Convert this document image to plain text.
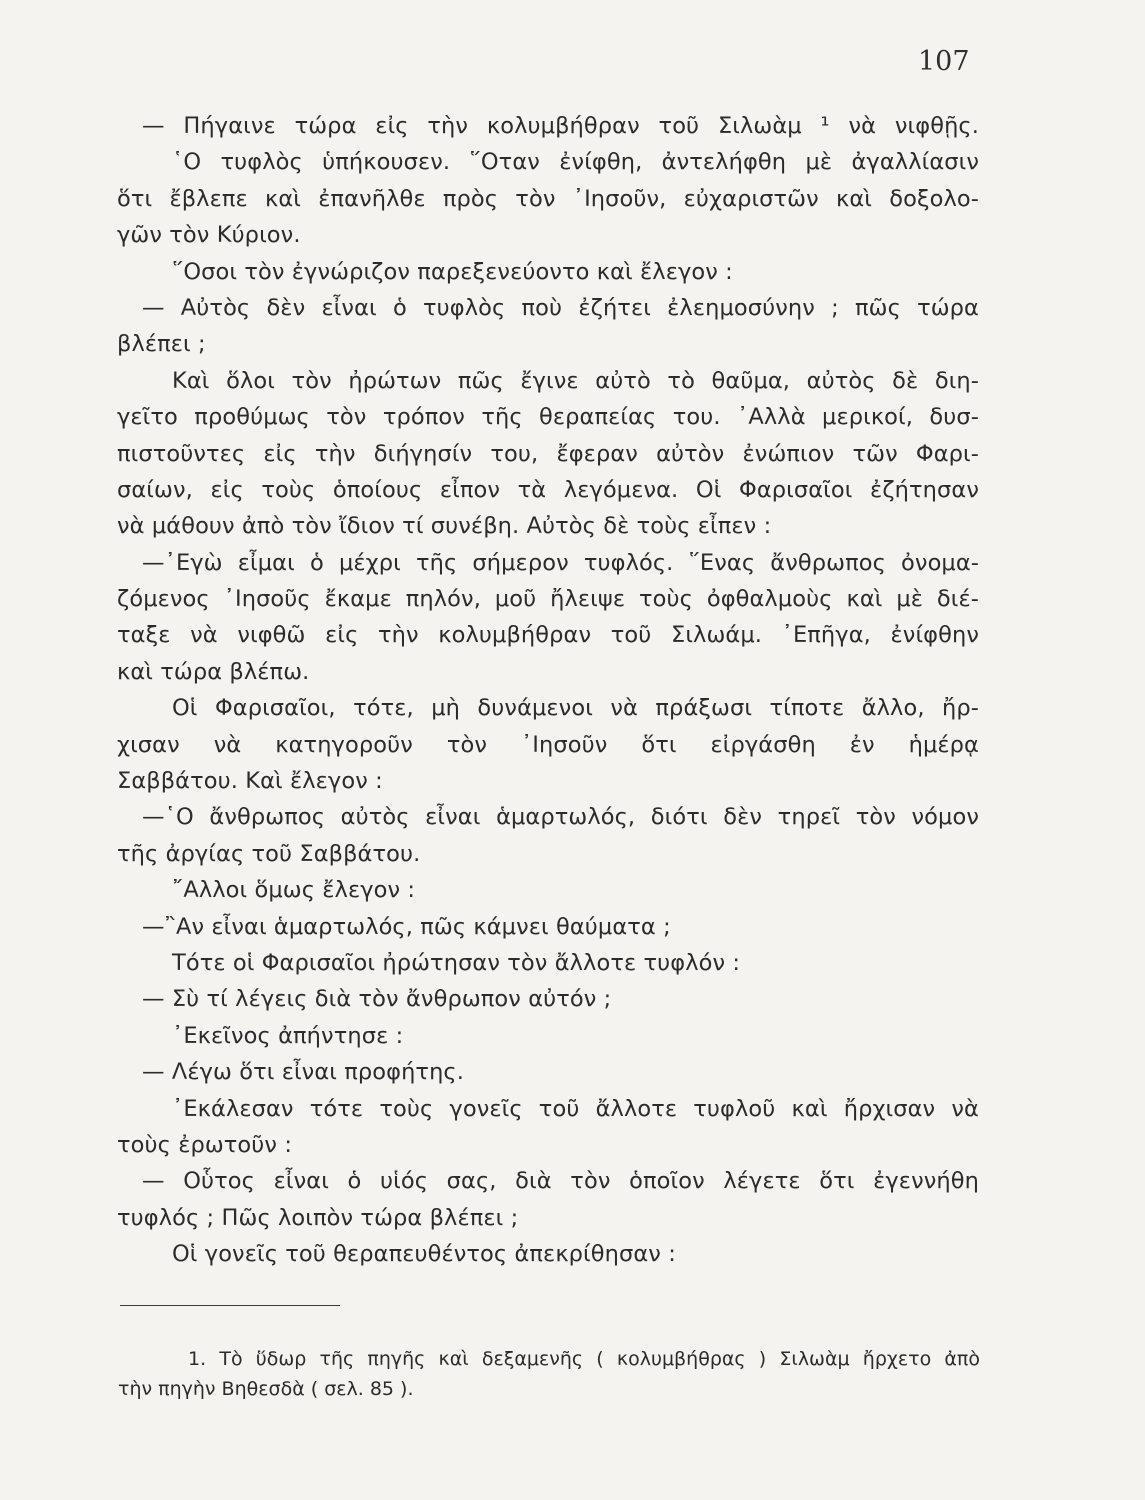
107
— Πήγαινε τώρα εἰς τὴν κολυμβήθραν τοῦ Σιλωὰμ ¹ νὰ νιφθῇς.
῾Ο τυφλὸς ὑπήκουσεν. ῞Οταν ἐνίφθη, ἀντελήφθη μὲ ἀγαλλίασιν
ὅτι ἔβλεπε καὶ ἐπανῆλθε πρὸς τὸν ᾿Ιησοῦν, εὐχαριστῶν καὶ δοξολο-
γῶν τὸν Κύριον.
῞Οσοι τὸν ἐγνώριζον παρεξενεύοντο καὶ ἔλεγον :
— Αὐτὸς δὲν εἶναι ὁ τυφλὸς ποὺ ἐζήτει ἐλεημοσύνην ; πῶς τώρα
βλέπει ;
Καὶ ὅλοι τὸν ἠρώτων πῶς ἔγινε αὐτὸ τὸ θαῦμα, αὐτὸς δὲ διη-
γεῖτο προθύμως τὸν τρόπον τῆς θεραπείας του. ᾿Αλλὰ μερικοί, δυσ-
πιστοῦντες εἰς τὴν διήγησίν του, ἔφεραν αὐτὸν ἐνώπιον τῶν Φαρι-
σαίων, εἰς τοὺς ὁποίους εἶπον τὰ λεγόμενα. Οἱ Φαρισαῖοι ἐζήτησαν
νὰ μάθουν ἀπὸ τὸν ἴδιον τί συνέβη. Αὐτὸς δὲ τοὺς εἶπεν :
—᾿Εγὼ εἶμαι ὁ μέχρι τῆς σήμερον τυφλός. ῞Ενας ἄνθρωπος ὀνομα-
ζόμενος ᾿Ιησοῦς ἔκαμε πηλόν, μοῦ ἤλειψε τοὺς ὀφθαλμοὺς καὶ μὲ διέ-
ταξε νὰ νιφθῶ εἰς τὴν κολυμβήθραν τοῦ Σιλωάμ. ᾿Επῆγα, ἐνίφθην
καὶ τώρα βλέπω.
Οἱ Φαρισαῖοι, τότε, μὴ δυνάμενοι νὰ πράξωσι τίποτε ἄλλο, ἤρ-
χισαν νὰ κατηγοροῦν τὸν ᾿Ιησοῦν ὅτι εἰργάσθη ἐν ἡμέρᾳ
Σαββάτου. Καὶ ἔλεγον :
—῾Ο ἄνθρωπος αὐτὸς εἶναι ἁμαρτωλός, διότι δὲν τηρεῖ τὸν νόμον
τῆς ἀργίας τοῦ Σαββάτου.
῎Αλλοι ὅμως ἔλεγον :
—῍Αν εἶναι ἁμαρτωλός, πῶς κάμνει θαύματα ;
Τότε οἱ Φαρισαῖοι ἠρώτησαν τὸν ἄλλοτε τυφλόν :
— Σὺ τί λέγεις διὰ τὸν ἄνθρωπον αὐτόν ;
᾿Εκεῖνος ἀπήντησε :
— Λέγω ὅτι εἶναι προφήτης.
᾿Εκάλεσαν τότε τοὺς γονεῖς τοῦ ἄλλοτε τυφλοῦ καὶ ἤρχισαν νὰ
τοὺς ἐρωτοῦν :
— Οὗτος εἶναι ὁ υἱός σας, διὰ τὸν ὁποῖον λέγετε ὅτι ἐγεννήθη
τυφλός ; Πῶς λοιπὸν τώρα βλέπει ;
Οἱ γονεῖς τοῦ θεραπευθέντος ἀπεκρίθησαν :
1. Τὸ ὕδωρ τῆς πηγῆς καὶ δεξαμενῆς ( κολυμβήθρας ) Σιλωὰμ ἤρχετο ἀπὸ
τὴν πηγὴν Βηθεσδὰ ( σελ. 85 ).
